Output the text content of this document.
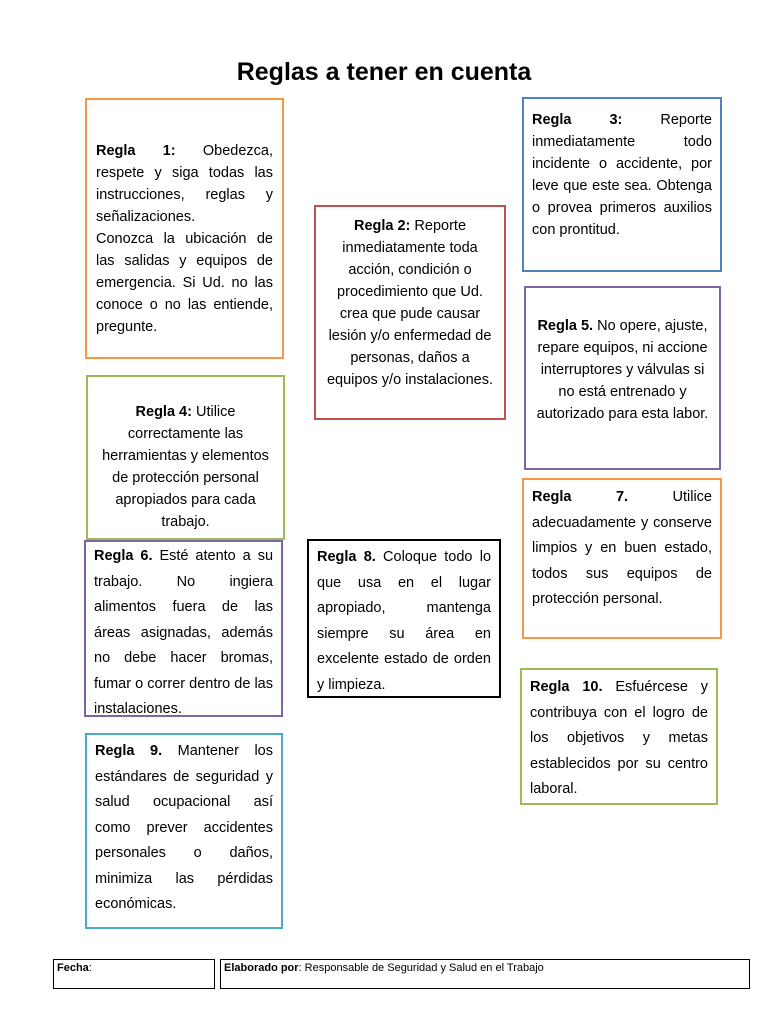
Reglas a tener en cuenta

Regla 1: Obedezca, respete y siga todas las instrucciones, reglas y señalizaciones.

Conozca la ubicación de las salidas y equipos de emergencia. Si Ud. no las conoce o no las entiende, pregunte.

Regla 2: Reporte inmediatamente toda acción, condición o procedimiento que Ud. crea que pude causar lesión y/o enfermedad de personas, daños a equipos y/o instalaciones.

Regla 3: Reporte inmediatamente todo incidente o accidente, por leve que este sea. Obtenga o provea primeros auxilios con prontitud.

Regla 5. No opere, ajuste, repare equipos, ni accione interruptores y válvulas si no está entrenado y autorizado para esta labor.

Regla 4: Utilice correctamente las herramientas y elementos de protección personal apropiados para cada trabajo.

Regla 7. Utilice adecuadamente y conserve limpios y en buen estado, todos sus equipos de protección personal.

Regla 6. Esté atento a su trabajo. No ingiera alimentos fuera de las áreas asignadas, además no debe hacer bromas, fumar o correr dentro de las instalaciones.

Regla 8. Coloque todo lo que usa en el lugar apropiado, mantenga siempre su área en excelente estado de orden y limpieza.	Regla 10. Esfuércese y contribuya con el logro de los objetivos y metas establecidos por su centro laboral.

Regla 9. Mantener los estándares de seguridad y salud ocupacional así como prever accidentes personales o daños, minimiza las pérdidas económicas.

Fecha:	Elaborado por: Responsable de Seguridad y Salud en el Trabajo
